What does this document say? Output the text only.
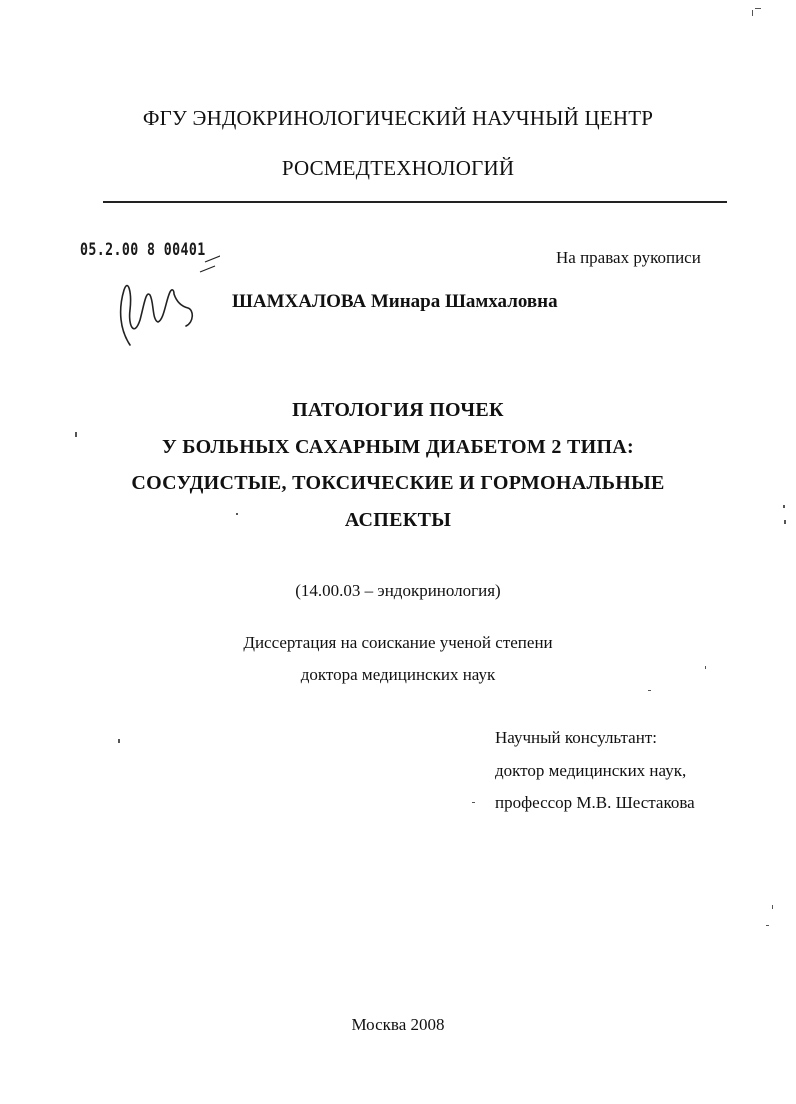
ФГУ ЭНДОКРИНОЛОГИЧЕСКИЙ НАУЧНЫЙ ЦЕНТР
РОСМЕДТЕХНОЛОГИЙ
05.2.00 8 00401	На правах рукописи
ШАМХАЛОВА Минара Шамхаловна
ПАТОЛОГИЯ ПОЧЕК
У БОЛЬНЫХ САХАРНЫМ ДИАБЕТОМ 2 ТИПА:
СОСУДИСТЫЕ, ТОКСИЧЕСКИЕ И ГОРМОНАЛЬНЫЕ
АСПЕКТЫ
(14.00.03 – эндокринология)
Диссертация на соискание ученой степени
доктора медицинских наук
Научный консультант:
доктор медицинских наук,
профессор М.В. Шестакова
Москва 2008
